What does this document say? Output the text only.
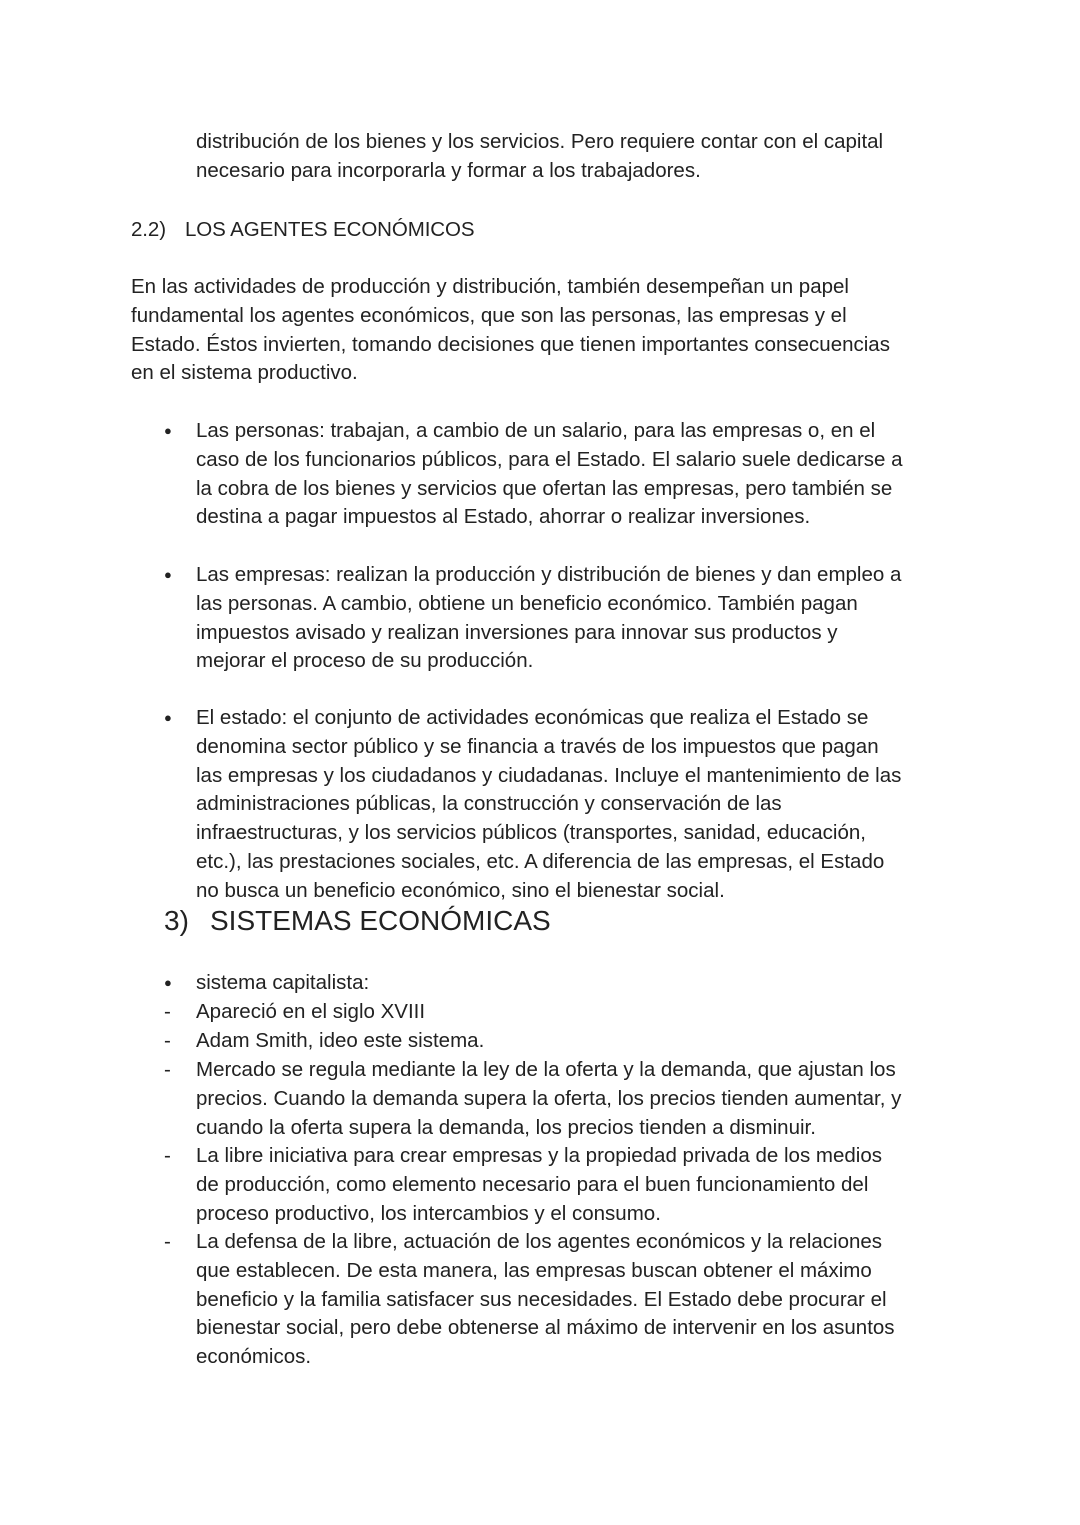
distribución de los bienes y los servicios. Pero requiere contar con el capital
necesario para incorporarla y formar a los trabajadores.
2.2) LOS AGENTES ECONÓMICOS
En las actividades de producción y distribución, también desempeñan un papel
fundamental los agentes económicos, que son las personas, las empresas y el
Estado. Éstos invierten, tomando decisiones que tienen importantes consecuencias
en el sistema productivo.
● Las personas: trabajan, a cambio de un salario, para las empresas o, en el
caso de los funcionarios públicos, para el Estado. El salario suele dedicarse a
la cobra de los bienes y servicios que ofertan las empresas, pero también se
destina a pagar impuestos al Estado, ahorrar o realizar inversiones.
● Las empresas: realizan la producción y distribución de bienes y dan empleo a
las personas. A cambio, obtiene un beneficio económico. También pagan
impuestos avisado y realizan inversiones para innovar sus productos y
mejorar el proceso de su producción.
● El estado: el conjunto de actividades económicas que realiza el Estado se
denomina sector público y se financia a través de los impuestos que pagan
las empresas y los ciudadanos y ciudadanas. Incluye el mantenimiento de las
administraciones públicas, la construcción y conservación de las
infraestructuras, y los servicios públicos (transportes, sanidad, educación,
etc.), las prestaciones sociales, etc. A diferencia de las empresas, el Estado
no busca un beneficio económico, sino el bienestar social.
3) SISTEMAS ECONÓMICAS
● sistema capitalista:
- Apareció en el siglo XVIII
- Adam Smith, ideo este sistema.
- Mercado se regula mediante la ley de la oferta y la demanda, que ajustan los
precios. Cuando la demanda supera la oferta, los precios tienden aumentar, y
cuando la oferta supera la demanda, los precios tienden a disminuir.
- La libre iniciativa para crear empresas y la propiedad privada de los medios
de producción, como elemento necesario para el buen funcionamiento del
proceso productivo, los intercambios y el consumo.
- La defensa de la libre, actuación de los agentes económicos y la relaciones
que establecen. De esta manera, las empresas buscan obtener el máximo
beneficio y la familia satisfacer sus necesidades. El Estado debe procurar el
bienestar social, pero debe obtenerse al máximo de intervenir en los asuntos
económicos.
